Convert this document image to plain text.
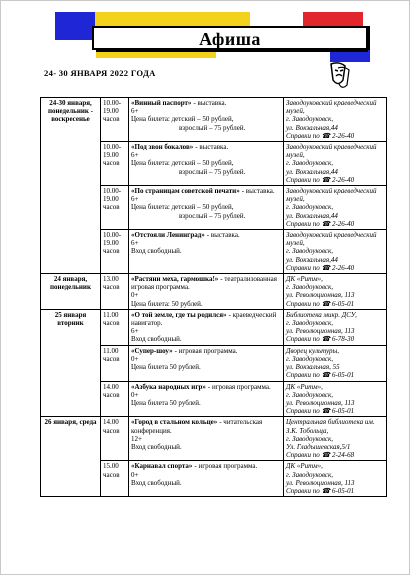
Афиша
24- 30 ЯНВАРЯ 2022 ГОДА
24-30 января, понедельник - воскресенье	10.00-19.00 часов	«Винный паспорт» - выставка.
6+
Цена билета: детский – 50 рублей,
взрослый – 75 рублей.	Заводоуковский краеведческий музей,
г. Заводоуковск,
ул. Вокзальная,44
Справки по ☎ 2-26-40

	10.00-19.00 часов	«Под звон бокалов» - выставка.
6+
Цена билета: детский – 50 рублей,
взрослый – 75 рублей.	Заводоуковский краеведческий музей,
г. Заводоуковск,
ул. Вокзальная,44
Справки по ☎ 2-26-40

	10.00-19.00 часов	«По страницам советской печати» - выставка.
6+
Цена билета: детский – 50 рублей,
взрослый – 75 рублей.	Заводоуковский краеведческий музей,
г. Заводоуковск,
ул. Вокзальная,44
Справки по ☎ 2-26-40

	10.00-19.00 часов	«Отстояли Ленинград» - выставка.
6+
Вход свободный.	Заводоуковский краеведческий музей,
г. Заводоуковск,
ул. Вокзальная,44
Справки по ☎ 2-26-40

24 января, понедельник	13.00 часов	«Растяни меха, гармошка!» - театрализованная игровая программа.
0+
Цена билета: 50 рублей.	ДК «Ритм»,
г. Заводоуковск,
ул. Революционная, 113
Справки по ☎ 6-05-01

25 января вторник	11.00 часов	«О той земле, где ты родился» - краеведческий навигатор.
6+
Вход свободный.	Библиотека микр. ДСУ,
г. Заводоуковск,
ул. Революционная, 113
Справки по ☎ 6-78-30

	11.00 часов	«Супер-шоу» - игровая программа.
0+
Цена билета 50 рублей.	Дворец культуры,
г. Заводоуковск,
ул. Вокзальная, 55
Справки по ☎ 6-05-01

	14.00 часов	«Азбука народных игр» - игровая программа.
0+
Цена билета 50 рублей.	ДК «Ритм»,
г. Заводоуковск,
ул. Революционная, 113
Справки по ☎ 6-05-01

26 января, среда	14.00 часов	«Город в стальном кольце» - читательская конференция.
12+
Вход свободный.	Центральная библиотека им. З.К. Тобольца,
г. Заводоуковск,
Ул. Гладышевская,5/1
Справки по ☎ 2-24-68

	15.00 часов	«Карнавал спорта» - игровая программа.
0+
Вход свободный.	ДК «Ритм»,
г. Заводоуковск,
ул. Революционная, 113
Справки по ☎ 6-05-01
